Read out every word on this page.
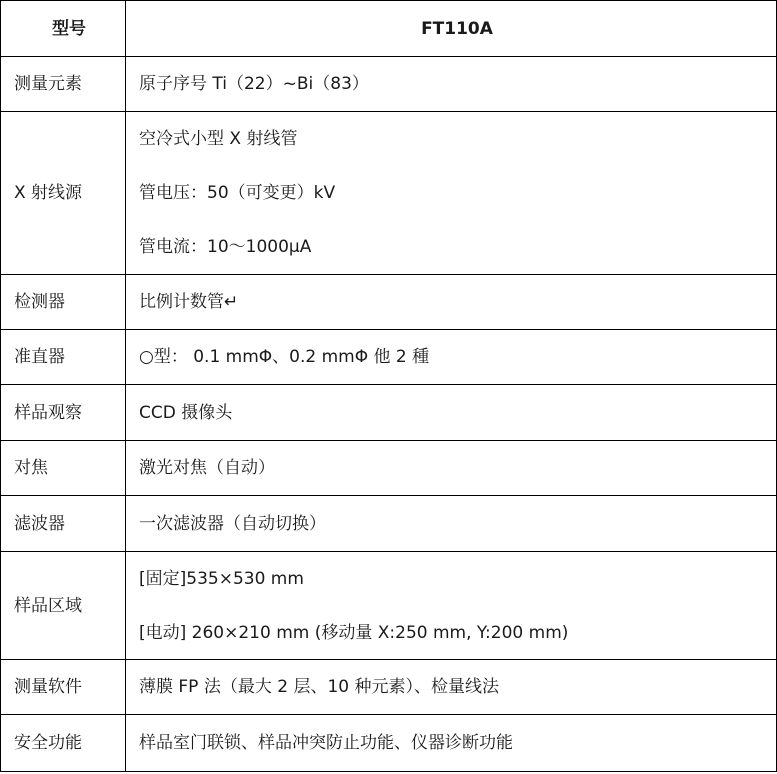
型号	FT110A
测量元素	原子序号 Ti（22）~Bi（83）

X 射线源	空冷式小型 X 射线管
管电压：50（可变更）kV
管电流：10～1000μA

检测器	比例计数管↵

准直器	○型： 0.1 mmΦ、0.2 mmΦ 他 2 種

样品观察	CCD 摄像头

对焦	激光对焦（自动）

滤波器	一次滤波器（自动切换）

样品区域	[固定]535×530 mm
[电动] 260×210 mm (移动量 X:250 mm, Y:200 mm)

测量软件	薄膜 FP 法（最大 2 层、10 种元素）、检量线法

安全功能	样品室门联锁、样品冲突防止功能、仪器诊断功能
